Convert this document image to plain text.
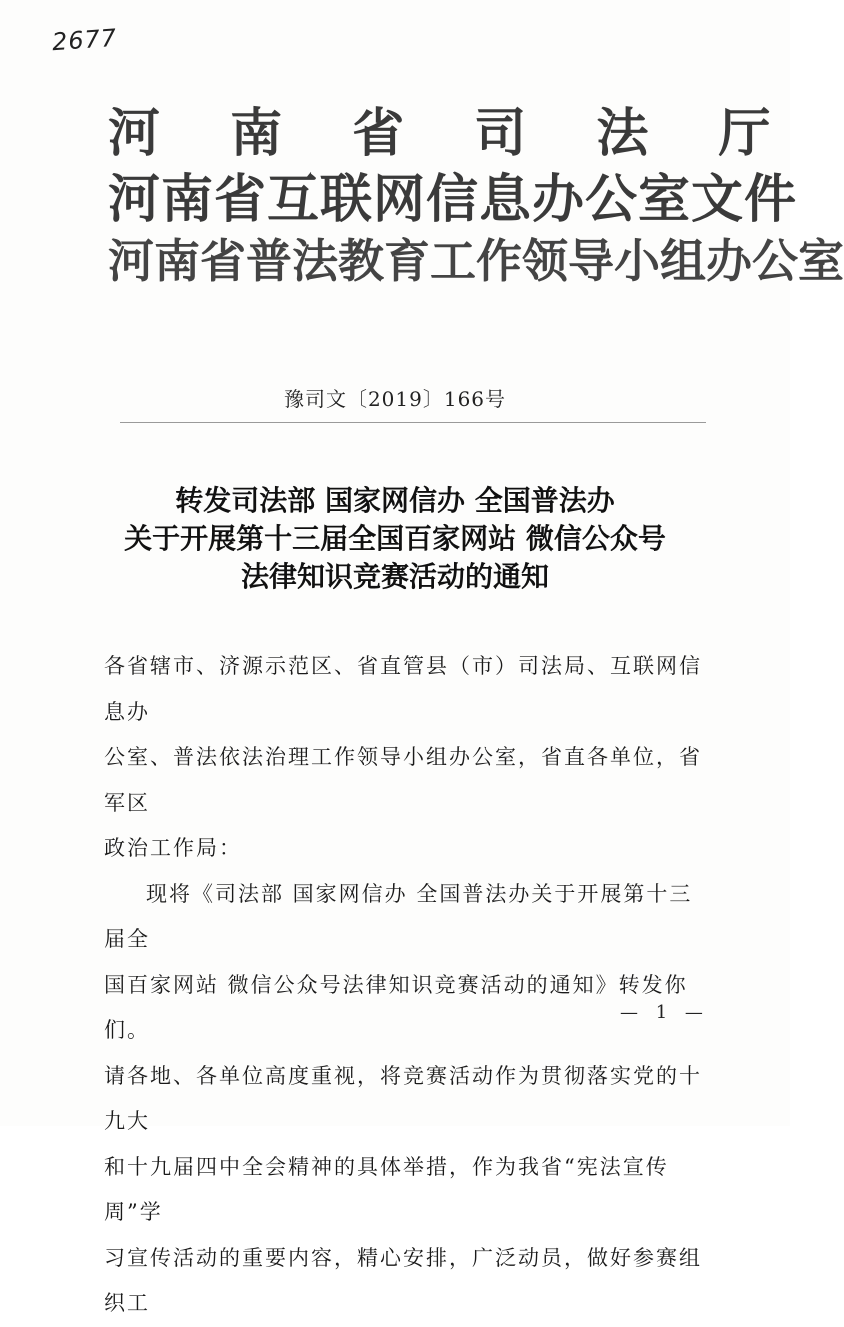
2677
河 南 省 司 法 厅
河南省互联网信息办公室文件
河南省普法教育工作领导小组办公室
豫司文〔2019〕166号
转发司法部 国家网信办 全国普法办
关于开展第十三届全国百家网站 微信公众号
法律知识竞赛活动的通知

各省辖市、济源示范区、省直管县（市）司法局、互联网信息办

公室、普法依法治理工作领导小组办公室，省直各单位，省军区

政治工作局：

现将《司法部 国家网信办 全国普法办关于开展第十三届全

国百家网站 微信公众号法律知识竞赛活动的通知》转发你们。

请各地、各单位高度重视，将竞赛活动作为贯彻落实党的十九大

和十九届四中全会精神的具体举措，作为我省“宪法宣传周”学

习宣传活动的重要内容，精心安排，广泛动员，做好参赛组织工

— 1 —
